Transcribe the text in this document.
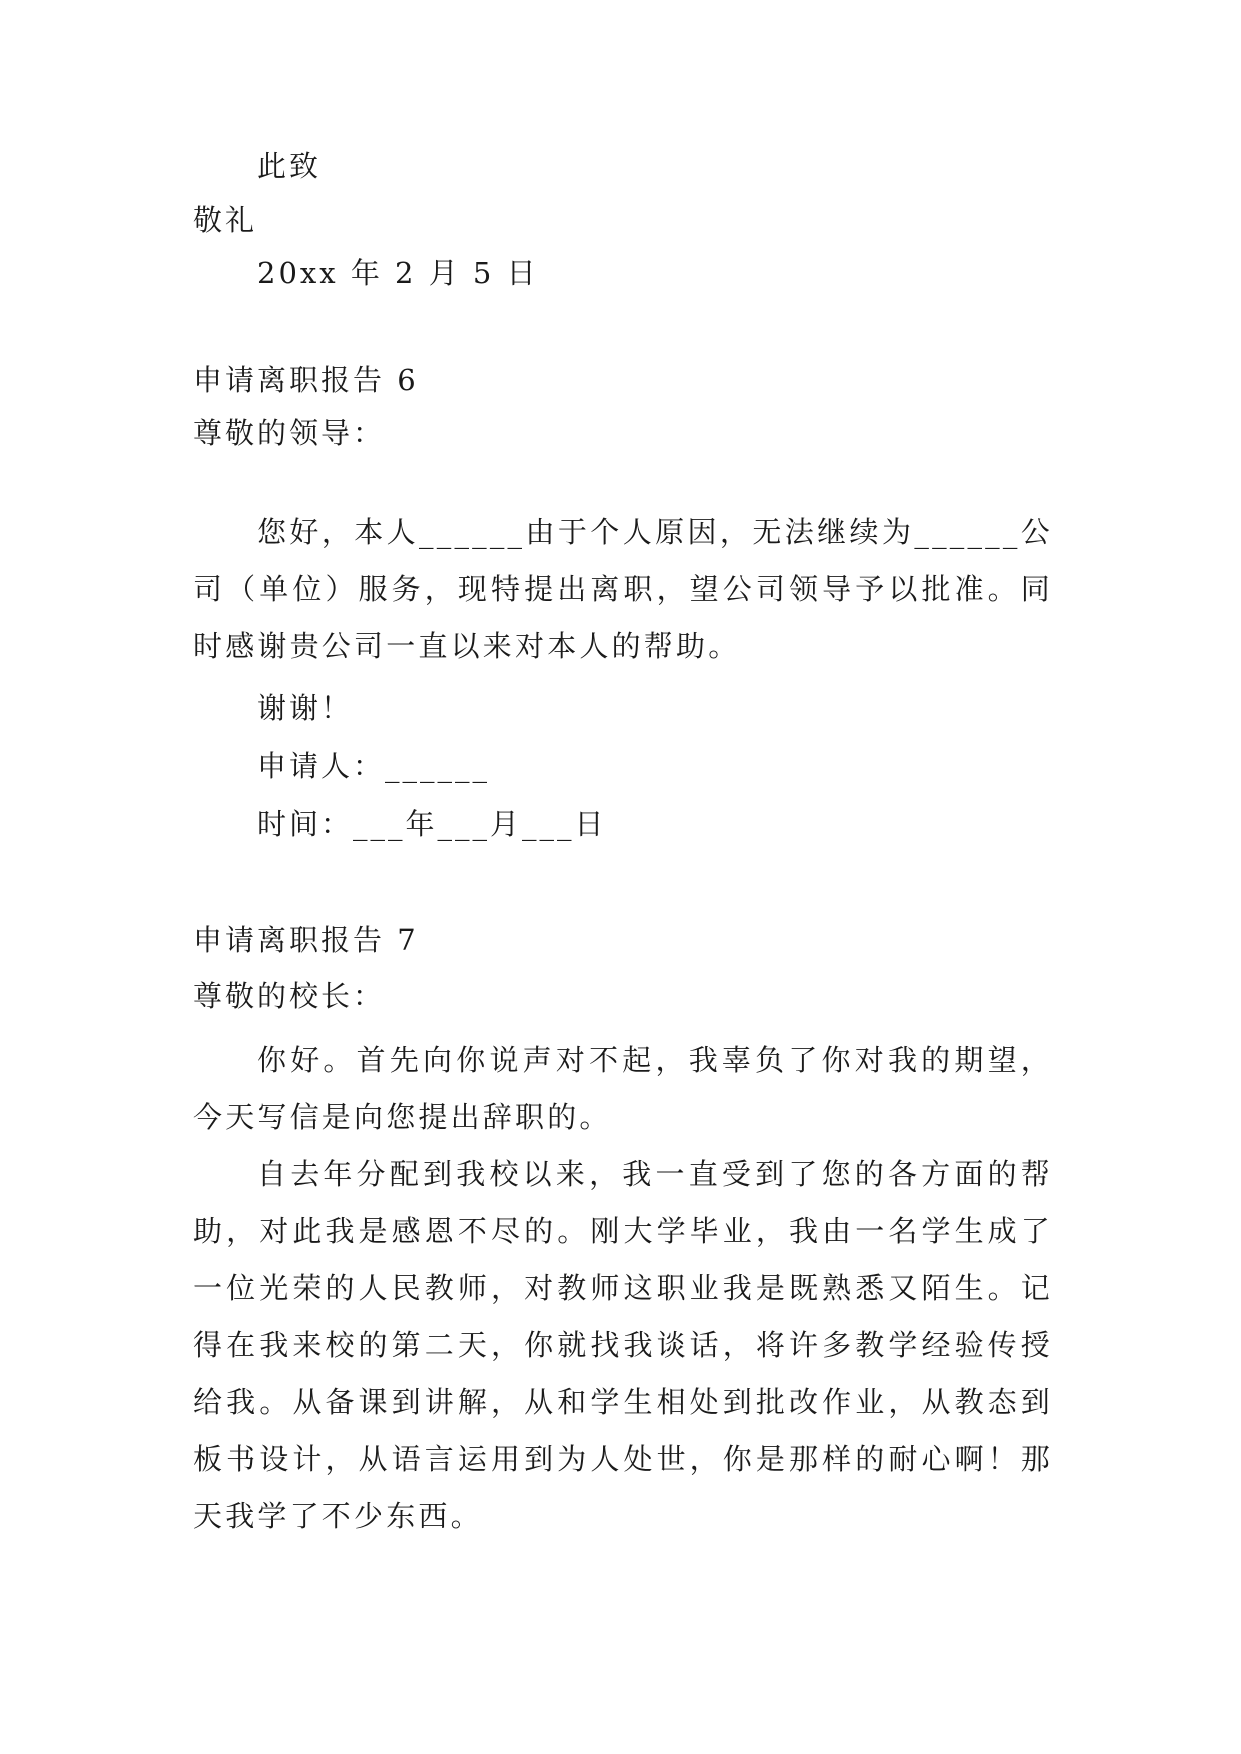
此致
敬礼
20xx 年 2 月 5 日
申请离职报告 6
尊敬的领导：
您好，本人______由于个人原因，无法继续为______公司（单位）服务，现特提出离职，望公司领导予以批准。同时感谢贵公司一直以来对本人的帮助。
谢谢！
申请人：______
时间：___年___月___日
申请离职报告 7
尊敬的校长：
你好。首先向你说声对不起，我辜负了你对我的期望，今天写信是向您提出辞职的。
自去年分配到我校以来，我一直受到了您的各方面的帮助，对此我是感恩不尽的。刚大学毕业，我由一名学生成了一位光荣的人民教师，对教师这职业我是既熟悉又陌生。记得在我来校的第二天，你就找我谈话，将许多教学经验传授给我。从备课到讲解，从和学生相处到批改作业，从教态到板书设计，从语言运用到为人处世，你是那样的耐心啊！那天我学了不少东西。
